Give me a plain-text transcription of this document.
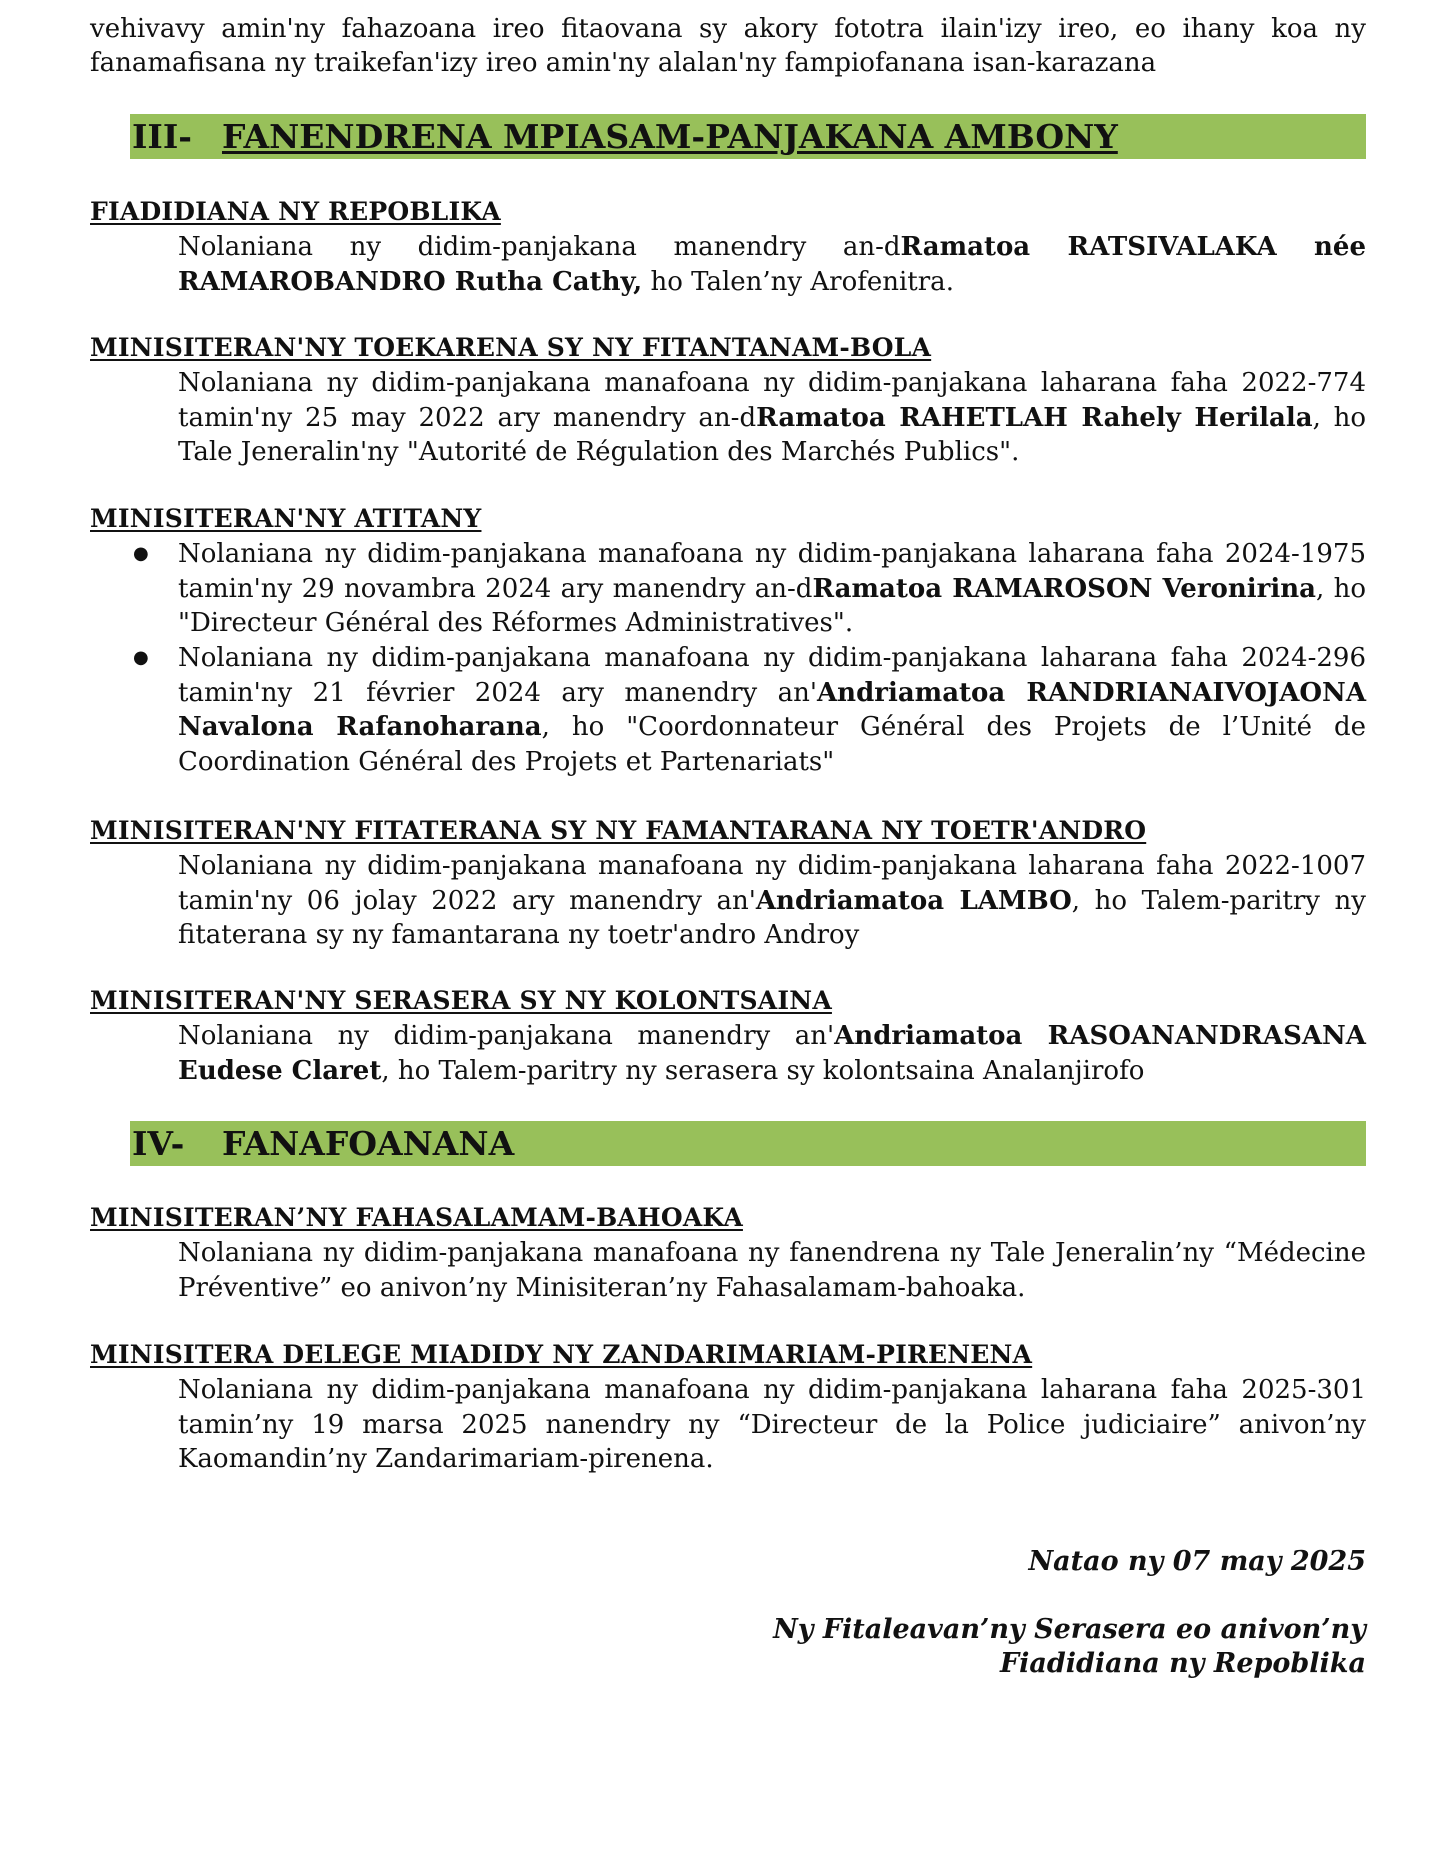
vehivavy amin'ny fahazoana ireo fitaovana sy akory fototra ilain'izy ireo, eo ihany koa ny fanamafisana ny traikefan'izy ireo amin'ny alalan'ny fampiofanana isan-karazana
III- FANENDRENA MPIASAM-PANJAKANA AMBONY
FIADIDIANA NY REPOBLIKA
Nolaniana ny didim-panjakana manendry an-dRamatoa RATSIVALAKA née RAMAROBANDRO Rutha Cathy, ho Talen’ny Arofenitra.
MINISITERAN'NY TOEKARENA SY NY FITANTANAM-BOLA
Nolaniana ny didim-panjakana manafoana ny didim-panjakana laharana faha 2022-774 tamin'ny 25 may 2022 ary manendry an-dRamatoa RAHETLAH Rahely Herilala, ho Tale Jeneralin'ny "Autorité de Régulation des Marchés Publics".
MINISITERAN'NY ATITANY
● Nolaniana ny didim-panjakana manafoana ny didim-panjakana laharana faha 2024-1975 tamin'ny 29 novambra 2024 ary manendry an-dRamatoa RAMAROSON Veronirina, ho "Directeur Général des Réformes Administratives".
● Nolaniana ny didim-panjakana manafoana ny didim-panjakana laharana faha 2024-296 tamin'ny 21 février 2024 ary manendry an'Andriamatoa RANDRIANAIVOJAONA Navalona Rafanoharana, ho "Coordonnateur Général des Projets de l’Unité de Coordination Général des Projets et Partenariats"
MINISITERAN'NY FITATERANA SY NY FAMANTARANA NY TOETR'ANDRO
Nolaniana ny didim-panjakana manafoana ny didim-panjakana laharana faha 2022-1007 tamin'ny 06 jolay 2022 ary manendry an'Andriamatoa LAMBO, ho Talem-paritry ny fitaterana sy ny famantarana ny toetr'andro Androy
MINISITERAN'NY SERASERA SY NY KOLONTSAINA
Nolaniana ny didim-panjakana manendry an'Andriamatoa RASOANANDRASANA Eudese Claret, ho Talem-paritry ny serasera sy kolontsaina Analanjirofo
IV- FANAFOANANA
MINISITERAN’NY FAHASALAMAM-BAHOAKA
Nolaniana ny didim-panjakana manafoana ny fanendrena ny Tale Jeneralin’ny “Médecine Préventive” eo anivon’ny Minisiteran’ny Fahasalamam-bahoaka.
MINISITERA DELEGE MIADIDY NY ZANDARIMARIAM-PIRENENA
Nolaniana ny didim-panjakana manafoana ny didim-panjakana laharana faha 2025-301 tamin’ny 19 marsa 2025 nanendry ny “Directeur de la Police judiciaire” anivon’ny Kaomandin’ny Zandarimariam-pirenena.
Natao ny 07 may 2025
Ny Fitaleavan’ny Serasera eo anivon’ny
Fiadidiana ny Repoblika
